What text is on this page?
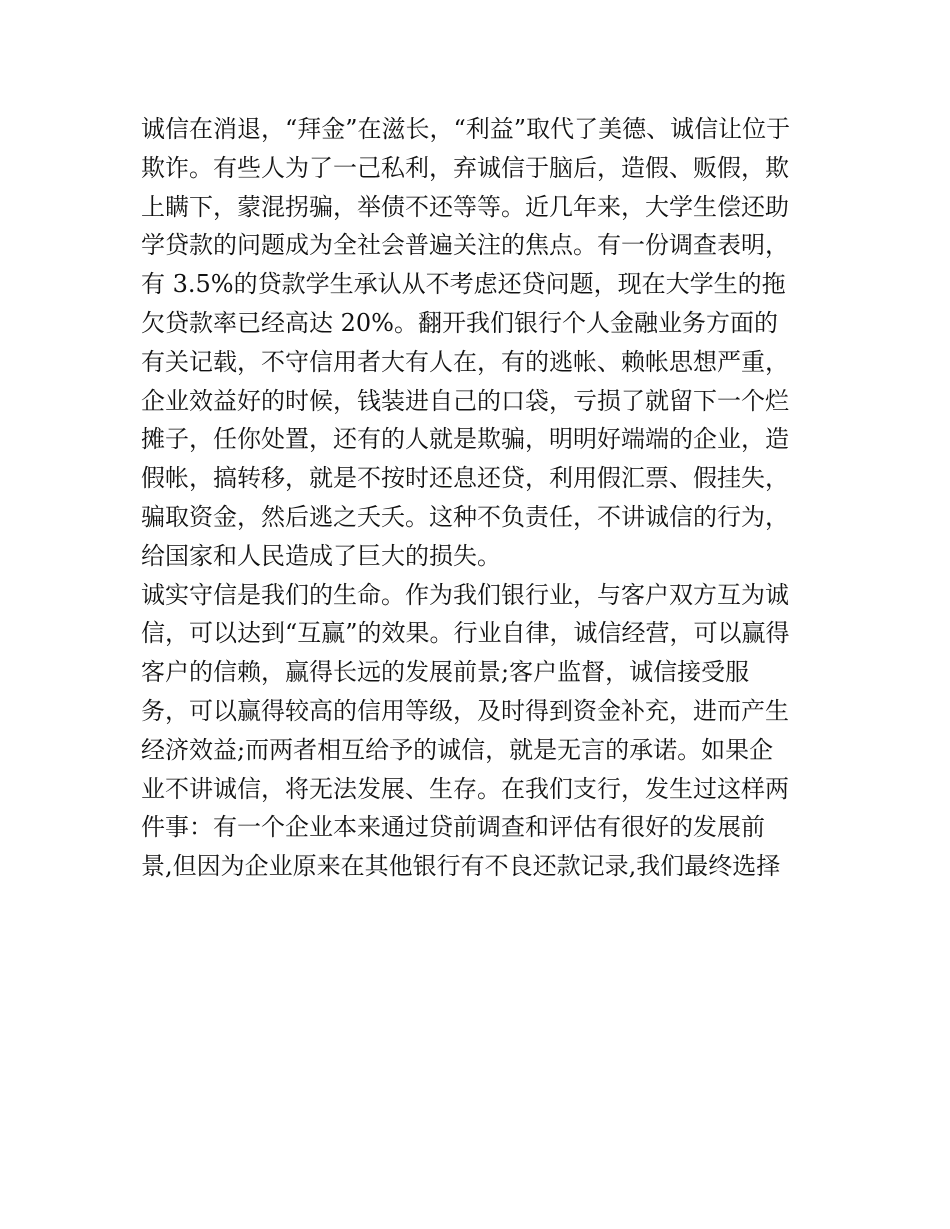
诚信在消退，“拜金”在滋长，“利益”取代了美德、诚信让位于
欺诈。有些人为了一己私利，弃诚信于脑后，造假、贩假，欺
上瞒下，蒙混拐骗，举债不还等等。近几年来，大学生偿还助
学贷款的问题成为全社会普遍关注的焦点。有一份调查表明，
有 3.5%的贷款学生承认从不考虑还贷问题，现在大学生的拖
欠贷款率已经高达 20%。翻开我们银行个人金融业务方面的
有关记载，不守信用者大有人在，有的逃帐、赖帐思想严重，
企业效益好的时候，钱装进自己的口袋，亏损了就留下一个烂
摊子，任你处置，还有的人就是欺骗，明明好端端的企业，造
假帐，搞转移，就是不按时还息还贷，利用假汇票、假挂失，
骗取资金，然后逃之夭夭。这种不负责任，不讲诚信的行为，
给国家和人民造成了巨大的损失。
诚实守信是我们的生命。作为我们银行业，与客户双方互为诚
信，可以达到“互赢”的效果。行业自律，诚信经营，可以赢得
客户的信赖，赢得长远的发展前景;客户监督，诚信接受服
务，可以赢得较高的信用等级，及时得到资金补充，进而产生
经济效益;而两者相互给予的诚信，就是无言的承诺。如果企
业不讲诚信，将无法发展、生存。在我们支行，发生过这样两
件事：有一个企业本来通过贷前调查和评估有很好的发展前
景,但因为企业原来在其他银行有不良还款记录,我们最终选择
